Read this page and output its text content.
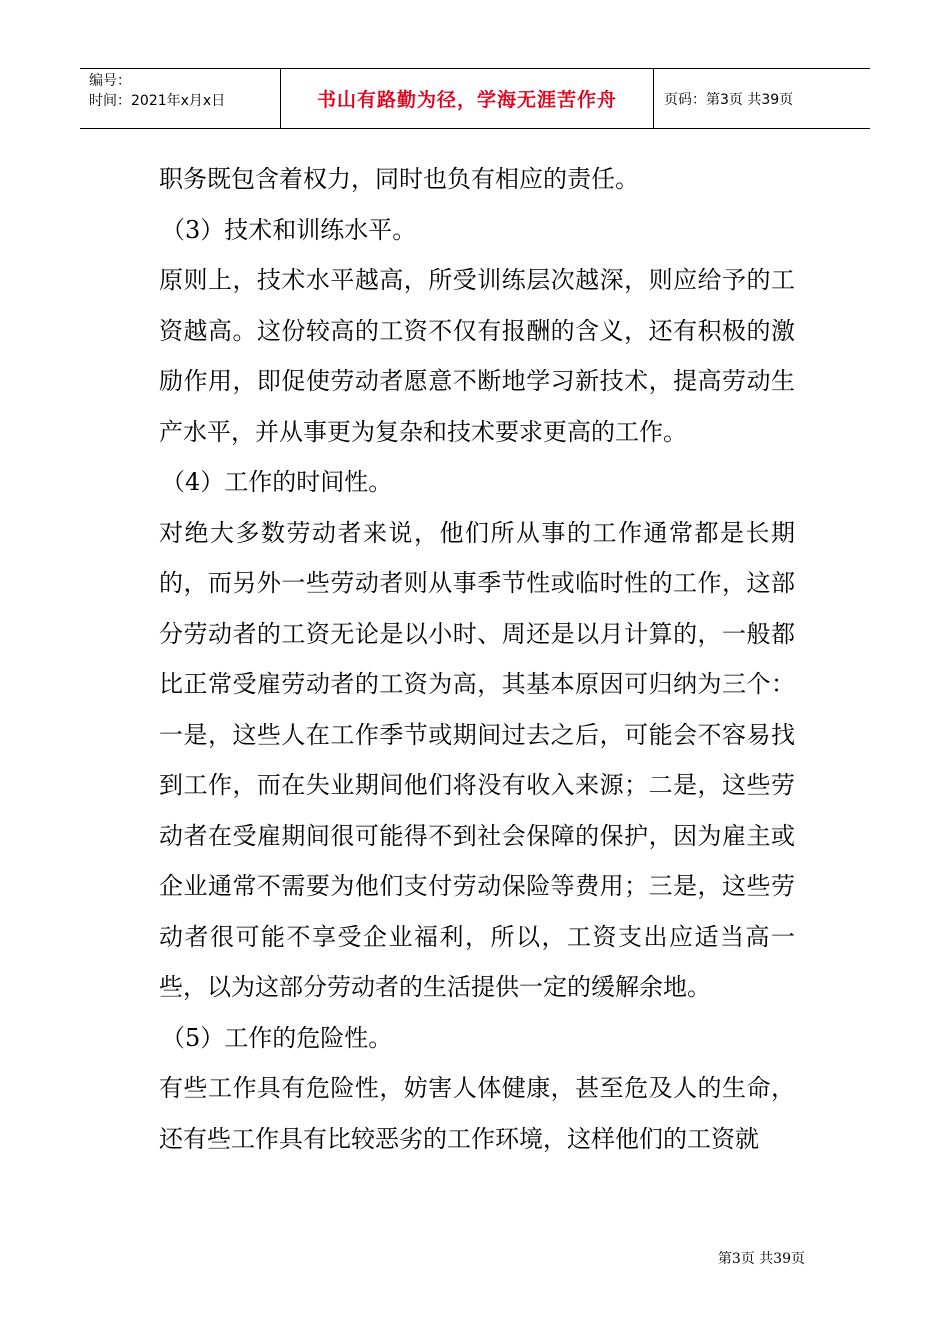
编号：
时间：2021年x月x日	书山有路勤为径，学海无涯苦作舟	页码：第3页 共39页

职务既包含着权力，同时也负有相应的责任。

（3）技术和训练水平。

原则上，技术水平越高，所受训练层次越深，则应给予的工资越高。这份较高的工资不仅有报酬的含义，还有积极的激励作用，即促使劳动者愿意不断地学习新技术，提高劳动生产水平，并从事更为复杂和技术要求更高的工作。

（4）工作的时间性。

对绝大多数劳动者来说，他们所从事的工作通常都是长期的，而另外一些劳动者则从事季节性或临时性的工作，这部分劳动者的工资无论是以小时、周还是以月计算的，一般都比正常受雇劳动者的工资为高，其基本原因可归纳为三个：一是，这些人在工作季节或期间过去之后，可能会不容易找到工作，而在失业期间他们将没有收入来源；二是，这些劳动者在受雇期间很可能得不到社会保障的保护，因为雇主或企业通常不需要为他们支付劳动保险等费用；三是，这些劳动者很可能不享受企业福利，所以，工资支出应适当高一些，以为这部分劳动者的生活提供一定的缓解余地。

（5）工作的危险性。

有些工作具有危险性，妨害人体健康，甚至危及人的生命，还有些工作具有比较恶劣的工作环境，这样他们的工资就

第3页 共39页
